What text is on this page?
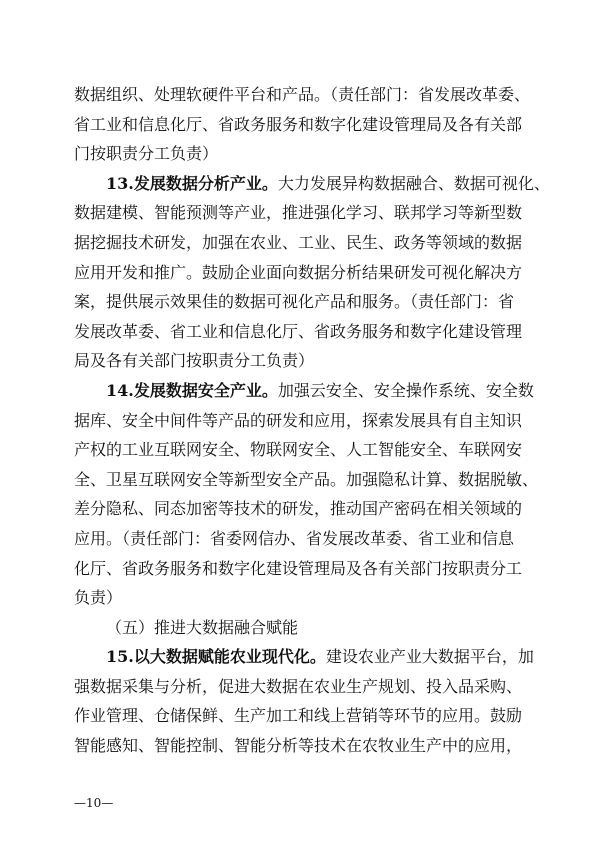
数据组织、处理软硬件平台和产品。（责任部门：省发展改革委、
省工业和信息化厅、省政务服务和数字化建设管理局及各有关部
门按职责分工负责）

13.发展数据分析产业。大力发展异构数据融合、数据可视化、
数据建模、智能预测等产业，推进强化学习、联邦学习等新型数
据挖掘技术研发，加强在农业、工业、民生、政务等领域的数据
应用开发和推广。鼓励企业面向数据分析结果研发可视化解决方
案，提供展示效果佳的数据可视化产品和服务。（责任部门：省
发展改革委、省工业和信息化厅、省政务服务和数字化建设管理
局及各有关部门按职责分工负责）

14.发展数据安全产业。加强云安全、安全操作系统、安全数
据库、安全中间件等产品的研发和应用，探索发展具有自主知识
产权的工业互联网安全、物联网安全、人工智能安全、车联网安
全、卫星互联网安全等新型安全产品。加强隐私计算、数据脱敏、
差分隐私、同态加密等技术的研发，推动国产密码在相关领域的
应用。（责任部门：省委网信办、省发展改革委、省工业和信息
化厅、省政务服务和数字化建设管理局及各有关部门按职责分工
负责）

（五）推进大数据融合赋能

15.以大数据赋能农业现代化。建设农业产业大数据平台，加
强数据采集与分析，促进大数据在农业生产规划、投入品采购、
作业管理、仓储保鲜、生产加工和线上营销等环节的应用。鼓励
智能感知、智能控制、智能分析等技术在农牧业生产中的应用，

—10—
